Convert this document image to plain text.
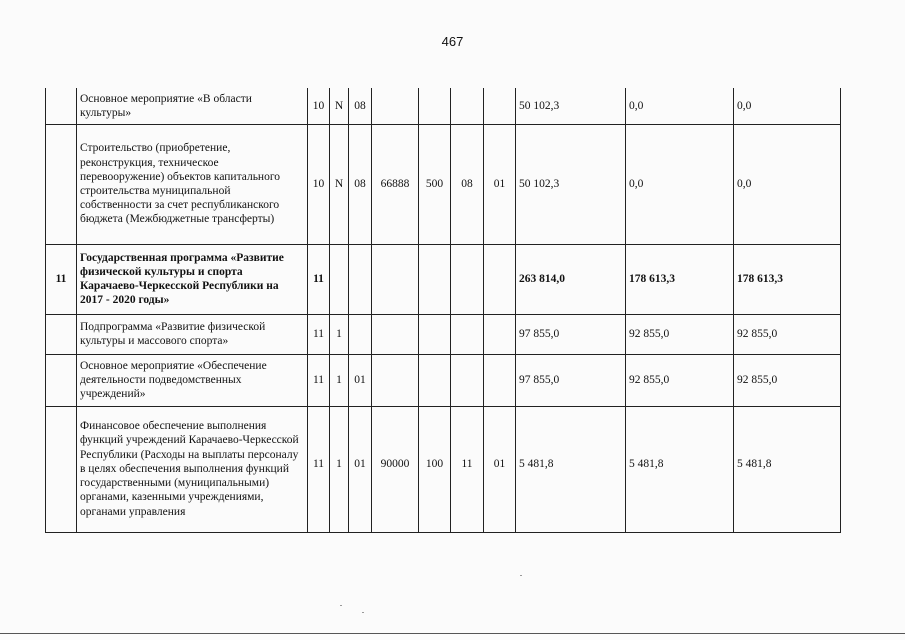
467
	Основное мероприятие «В области культуры»	10	N	08					50 102,3	0,0	0,0
	Строительство (приобретение, реконструкция, техническое перевооружение) объектов капитального строительства муниципальной собственности за счет республиканского бюджета (Межбюджетные трансферты)	10	N	08	66888	500	08	01	50 102,3	0,0	0,0
11	Государственная программа «Развитие физической культуры и спорта Карачаево-Черкесской Республики на 2017 - 2020 годы»	11							263 814,0	178 613,3	178 613,3
	Подпрограмма «Развитие физической культуры и массового спорта»	11	1						97 855,0	92 855,0	92 855,0
	Основное мероприятие «Обеспечение деятельности подведомственных учреждений»	11	1	01					97 855,0	92 855,0	92 855,0
	Финансовое обеспечение выполнения функций учреждений Карачаево-Черкесской Республики (Расходы на выплаты персоналу в целях обеспечения выполнения функций государственными (муниципальными) органами, казенными учреждениями, органами управления	11	1	01	90000	100	11	01	5 481,8	5 481,8	5 481,8
